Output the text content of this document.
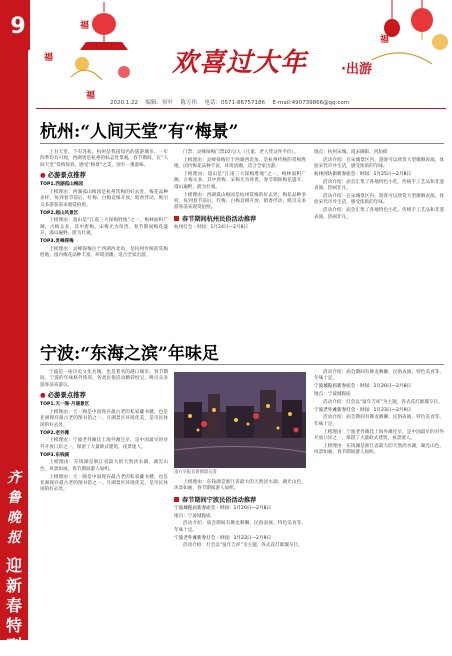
9
齐鲁晚报
迎新春特刊
福
福
福
福
欢喜过大年	·出游
2020.1.22 编辑：侯叶 陈万伟 电话：0571-86757186 E-mail:490739866@qq.com
杭州:“人间天堂”有“梅景”

上有天堂，下有苏杭。杭州是我国知名的旅游城市。一年四季均有可观，西湖更是杭州的标志性景观。春节期间，在“人间天堂”赏梅探春，感受“梅景”之美，别有一番滋味。

● 必游景点推荐

TOP1.西湖孤山梅园

上榜理由：西湖孤山梅园是杭州赏梅的好去处，梅花品种多样，每到春节前后，红梅、白梅竞相开放，暗香浮动，吸引众多游客前来观赏拍照。

TOP2.超山风景区

上榜理由：超山是“江南三大探梅胜地”之一，梅林面积广阔，古梅众多，其中唐梅、宋梅尤为珍贵。春节期间梅花盛开，漫山遍野，蔚为壮观。

TOP3.灵峰探梅

上榜理由：灵峰探梅位于西湖西北角，是杭州传统的赏梅胜地，园内梅花品种丰富，环境清幽，适合全家出游。

门票：灵峰探梅门票10元/人（儿童、老人凭证件半价）。

上榜理由：灵峰探梅位于西湖西北角，是杭州传统的赏梅胜地，园内梅花品种丰富，环境清幽，适合全家出游。

上榜理由：超山是“江南三大探梅胜地”之一，梅林面积广阔，古梅众多，其中唐梅、宋梅尤为珍贵。春节期间梅花盛开，漫山遍野，蔚为壮观。

上榜理由：西湖孤山梅园是杭州赏梅的好去处，梅花品种多样，每到春节前后，红梅、白梅竞相开放，暗香浮动，吸引众多游客前来观赏拍照。

春节期间杭州民俗活动推荐

杭州灯会 · 时间：1月24日—2月8日

地点：杭州宋城、南宋御街、河坊街

活动介绍：在宋城景区内，游客可以欣赏大型歌舞表演，体验宋代市井生活，感受浓浓的年味。

杭州河坊街新春庙会 · 时间：1月25日—2月8日

活动介绍：庙会汇集了各地特色小吃、传统手工艺品和非遗表演，热闹非凡。

活动介绍：在宋城景区内，游客可以欣赏大型歌舞表演，体验宋代市井生活，感受浓浓的年味。

活动介绍：庙会汇集了各地特色小吃、传统手工艺品和非遗表演，热闹非凡。

宁波:“东海之滨”年味足

宁波是一座历史文化名城，也是著名的港口城市。春节期间，宁波的年味格外浓厚，各类民俗活动精彩纷呈，吸引众多游客前来游玩。

● 必游景点推荐

TOP1.天一阁·月湖景区

上榜理由：天一阁是中国现存最古老的私家藏书楼，也是亚洲现存最古老的图书馆之一。月湖景区环境优美，是市民休闲的好去处。

TOP2.老外滩

上榜理由：宁波老外滩比上海外滩还早，是中国最早的对外开放口岸之一，保留了大量欧式建筑，夜景迷人。

TOP3.东钱湖

上榜理由：东钱湖是浙江省最大的天然淡水湖，湖光山色，风景如画，春节期间游人如织。

上榜理由：天一阁是中国现存最古老的私家藏书楼，也是亚洲现存最古老的图书馆之一。月湖景区环境优美，是市民休闲的好去处。

南方早报首席摄影记者

上榜理由：东钱湖是浙江省最大的天然淡水湖，湖光山色，风景如画，春节期间游人如织。

春节期间宁波民俗活动推荐

宁波城隍庙新春庙会 · 时间：1月20日—2月8日

地点：宁波城隍庙

活动介绍：庙会期间有舞龙舞狮、民俗表演、特色美食等，年味十足。

宁波老外滩新春灯会 · 时间：1月23日—2月9日

活动介绍：灯会以“鼠年吉祥”为主题，各式花灯璀璨夺目。

活动介绍：庙会期间有舞龙舞狮、民俗表演、特色美食等，年味十足。

宁波城隍庙新春庙会 · 时间：1月20日—2月8日

地点：宁波城隍庙

活动介绍：灯会以“鼠年吉祥”为主题，各式花灯璀璨夺目。

宁波老外滩新春灯会 · 时间：1月23日—2月9日

活动介绍：庙会期间有舞龙舞狮、民俗表演、特色美食等，年味十足。

上榜理由：宁波老外滩比上海外滩还早，是中国最早的对外开放口岸之一，保留了大量欧式建筑，夜景迷人。

上榜理由：东钱湖是浙江省最大的天然淡水湖，湖光山色，风景如画，春节期间游人如织。
